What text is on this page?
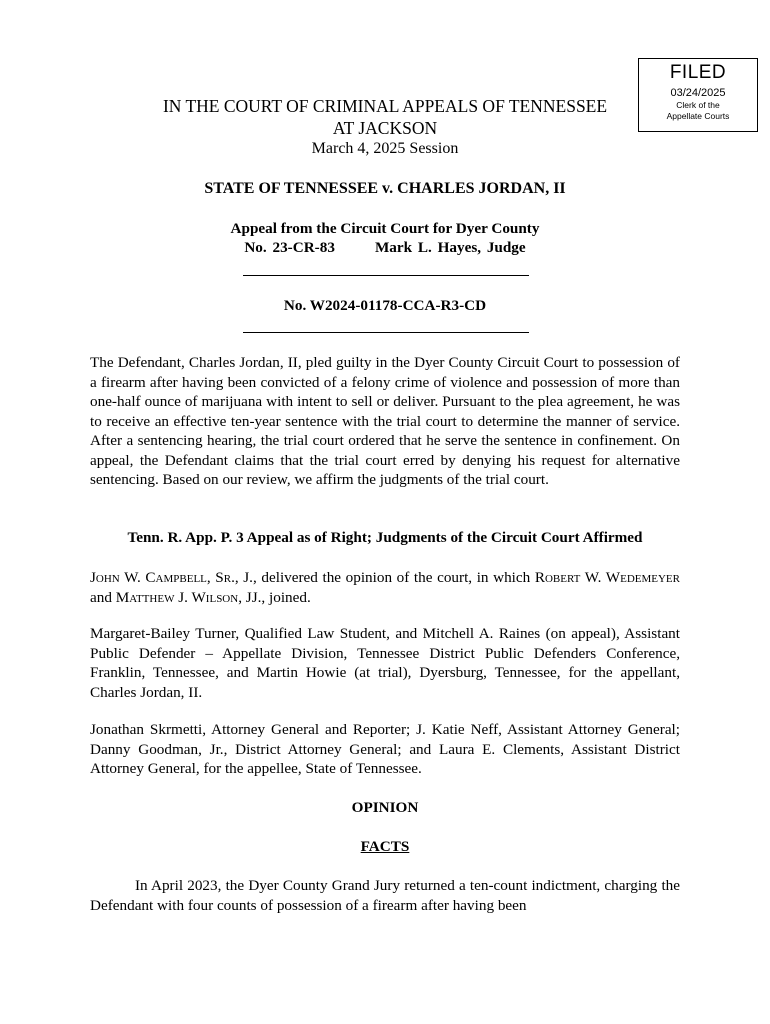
FILED
03/24/2025
Clerk of the
Appellate Courts
IN THE COURT OF CRIMINAL APPEALS OF TENNESSEE
AT JACKSON
March 4, 2025 Session
STATE OF TENNESSEE v. CHARLES JORDAN, II
Appeal from the Circuit Court for Dyer County
No. 23-CR-83	Mark L. Hayes, Judge
No. W2024-01178-CCA-R3-CD
The Defendant, Charles Jordan, II, pled guilty in the Dyer County Circuit Court to possession of a firearm after having been convicted of a felony crime of violence and possession of more than one-half ounce of marijuana with intent to sell or deliver. Pursuant to the plea agreement, he was to receive an effective ten-year sentence with the trial court to determine the manner of service. After a sentencing hearing, the trial court ordered that he serve the sentence in confinement. On appeal, the Defendant claims that the trial court erred by denying his request for alternative sentencing. Based on our review, we affirm the judgments of the trial court.
Tenn. R. App. P. 3 Appeal as of Right; Judgments of the Circuit Court Affirmed
John W. Campbell, Sr., J., delivered the opinion of the court, in which Robert W. Wedemeyer and Matthew J. Wilson, JJ., joined.
Margaret-Bailey Turner, Qualified Law Student, and Mitchell A. Raines (on appeal), Assistant Public Defender – Appellate Division, Tennessee District Public Defenders Conference, Franklin, Tennessee, and Martin Howie (at trial), Dyersburg, Tennessee, for the appellant, Charles Jordan, II.
Jonathan Skrmetti, Attorney General and Reporter; J. Katie Neff, Assistant Attorney General; Danny Goodman, Jr., District Attorney General; and Laura E. Clements, Assistant District Attorney General, for the appellee, State of Tennessee.
OPINION
FACTS
In April 2023, the Dyer County Grand Jury returned a ten-count indictment, charging the Defendant with four counts of possession of a firearm after having been
